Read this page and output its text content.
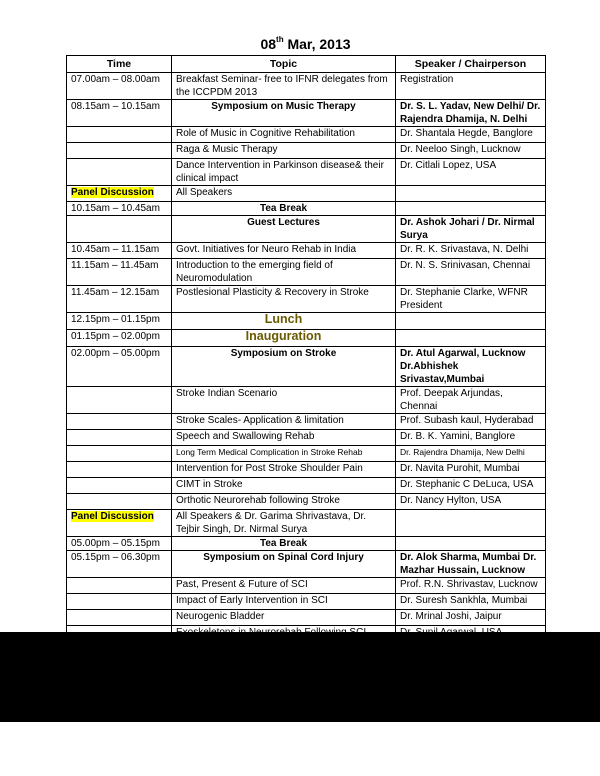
08th Mar, 2013
Time	Topic	Speaker / Chairperson
07.00am – 08.00am	Breakfast Seminar- free to IFNR delegates from the ICCPDM 2013	Registration
08.15am – 10.15am	Symposium on Music Therapy	Dr. S. L. Yadav, New Delhi/ Dr. Rajendra Dhamija, N. Delhi
	Role of Music in Cognitive Rehabilitation	Dr. Shantala Hegde, Banglore
	Raga & Music Therapy	Dr. Neeloo Singh, Lucknow
	Dance Intervention in Parkinson disease& their clinical impact	Dr. Citlali Lopez, USA
Panel Discussion	All Speakers	
10.15am – 10.45am	Tea Break	
	Guest Lectures	Dr. Ashok Johari / Dr. Nirmal Surya
10.45am – 11.15am	Govt. Initiatives for Neuro Rehab in India	Dr. R. K. Srivastava, N. Delhi
11.15am – 11.45am	Introduction to the emerging field of Neuromodulation	Dr. N. S. Srinivasan, Chennai
11.45am – 12.15am	Postlesional Plasticity & Recovery in Stroke	Dr. Stephanie Clarke, WFNR President
12.15pm – 01.15pm	Lunch	
01.15pm – 02.00pm	Inauguration	
02.00pm – 05.00pm	Symposium on Stroke	Dr. Atul Agarwal, Lucknow Dr.Abhishek Srivastav,Mumbai
	Stroke Indian Scenario	Prof. Deepak Arjundas, Chennai
	Stroke Scales- Application & limitation	Prof. Subash kaul, Hyderabad
	Speech and Swallowing Rehab	Dr. B. K. Yamini, Banglore
	Long Term Medical Complication in Stroke Rehab	Dr. Rajendra Dhamija, New Delhi
	Intervention for Post Stroke Shoulder Pain	Dr. Navita Purohit, Mumbai
	CIMT in Stroke	Dr. Stephanic C DeLuca, USA
	Orthotic Neurorehab following Stroke	Dr. Nancy Hylton, USA
Panel Discussion	All Speakers & Dr. Garima Shrivastava, Dr. Tejbir Singh, Dr. Nirmal Surya	
05.00pm – 05.15pm	Tea Break	
05.15pm – 06.30pm	Symposium on Spinal Cord Injury	Dr. Alok Sharma, Mumbai Dr. Mazhar Hussain, Lucknow
	Past, Present & Future of SCI	Prof. R.N. Shrivastav, Lucknow
	Impact of Early Intervention in SCI	Dr. Suresh Sankhla, Mumbai
	Neurogenic Bladder	Dr. Mrinal Joshi, Jaipur
